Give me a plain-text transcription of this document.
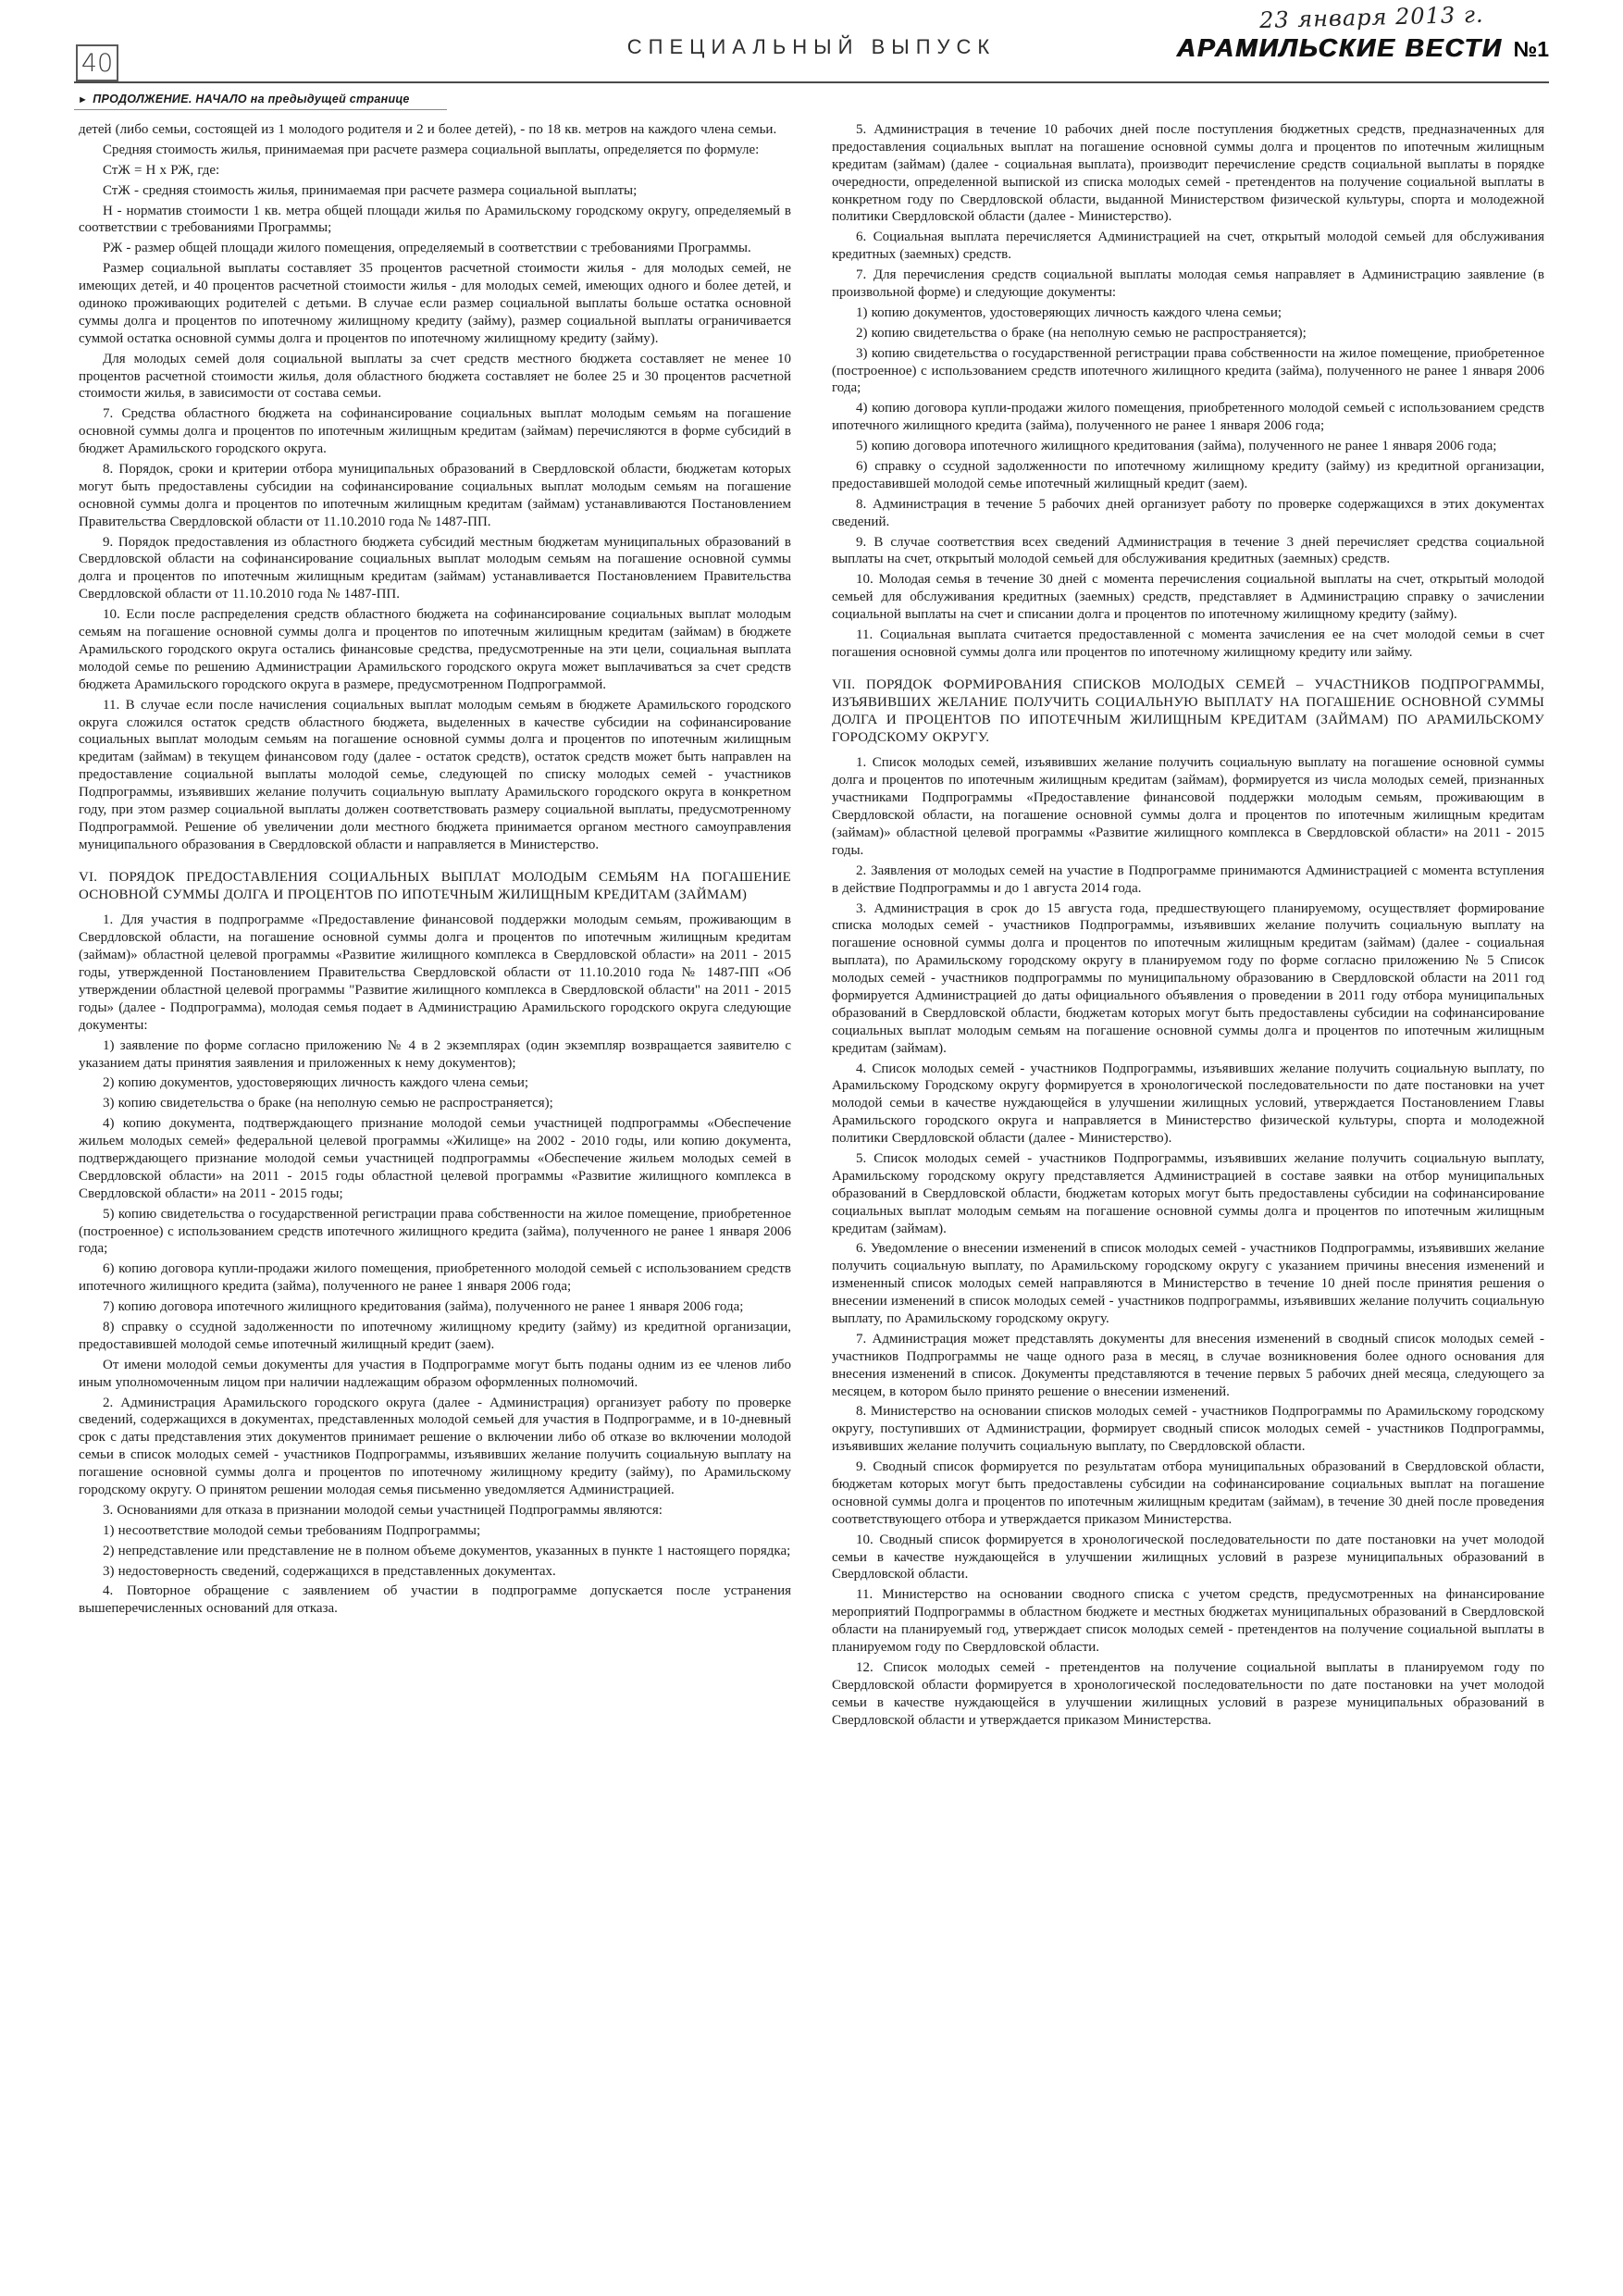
40
СПЕЦИАЛЬНЫЙ ВЫПУСК
23 января 2013 г.
АРАМИЛЬСКИЕ ВЕСТИ №1
► ПРОДОЛЖЕНИЕ. НАЧАЛО на предыдущей странице

детей (либо семьи, состоящей из 1 молодого родителя и 2 и более детей), - по 18 кв. метров на каждого члена семьи.

Средняя стоимость жилья, принимаемая при расчете размера социальной выплаты, определяется по формуле:

СтЖ = Н х РЖ, где:

СтЖ - средняя стоимость жилья, принимаемая при расчете размера социальной выплаты;

Н - норматив стоимости 1 кв. метра общей площади жилья по Арамильскому городскому округу, определяемый в соответствии с требованиями Программы;

РЖ - размер общей площади жилого помещения, определяемый в соответствии с требованиями Программы.

Размер социальной выплаты составляет 35 процентов расчетной стоимости жилья - для молодых семей, не имеющих детей, и 40 процентов расчетной стоимости жилья - для молодых семей, имеющих одного и более детей, и одиноко проживающих родителей с детьми. В случае если размер социальной выплаты больше остатка основной суммы долга и процентов по ипотечному жилищному кредиту (займу), размер социальной выплаты ограничивается суммой остатка основной суммы долга и процентов по ипотечному жилищному кредиту (займу).

Для молодых семей доля социальной выплаты за счет средств местного бюджета составляет не менее 10 процентов расчетной стоимости жилья, доля областного бюджета составляет не более 25 и 30 процентов расчетной стоимости жилья, в зависимости от состава семьи.

7. Средства областного бюджета на софинансирование социальных выплат молодым семьям на погашение основной суммы долга и процентов по ипотечным жилищным кредитам (займам) перечисляются в форме субсидий в бюджет Арамильского городского округа.

8. Порядок, сроки и критерии отбора муниципальных образований в Свердловской области, бюджетам которых могут быть предоставлены субсидии на софинансирование социальных выплат молодым семьям на погашение основной суммы долга и процентов по ипотечным жилищным кредитам (займам) устанавливаются Постановлением Правительства Свердловской области от 11.10.2010 года № 1487-ПП.

9. Порядок предоставления из областного бюджета субсидий местным бюджетам муниципальных образований в Свердловской области на софинансирование социальных выплат молодым семьям на погашение основной суммы долга и процентов по ипотечным жилищным кредитам (займам) устанавливается Постановлением Правительства Свердловской области от 11.10.2010 года № 1487-ПП.

10. Если после распределения средств областного бюджета на софинансирование социальных выплат молодым семьям на погашение основной суммы долга и процентов по ипотечным жилищным кредитам (займам) в бюджете Арамильского городского округа остались финансовые средства, предусмотренные на эти цели, социальная выплата молодой семье по решению Администрации Арамильского городского округа может выплачиваться за счет средств бюджета Арамильского городского округа в размере, предусмотренном Подпрограммой.

11. В случае если после начисления социальных выплат молодым семьям в бюджете Арамильского городского округа сложился остаток средств областного бюджета, выделенных в качестве субсидии на софинансирование социальных выплат молодым семьям на погашение основной суммы долга и процентов по ипотечным жилищным кредитам (займам) в текущем финансовом году (далее - остаток средств), остаток средств может быть направлен на предоставление социальной выплаты молодой семье, следующей по списку молодых семей - участников Подпрограммы, изъявивших желание получить социальную выплату Арамильского городского округа в конкретном году, при этом размер социальной выплаты должен соответствовать размеру социальной выплаты, предусмотренному Подпрограммой. Решение об увеличении доли местного бюджета принимается органом местного самоуправления муниципального образования в Свердловской области и направляется в Министерство.

VI. ПОРЯДОК ПРЕДОСТАВЛЕНИЯ СОЦИАЛЬНЫХ ВЫПЛАТ МОЛОДЫМ СЕМЬЯМ НА ПОГАШЕНИЕ ОСНОВНОЙ СУММЫ ДОЛГА И ПРОЦЕНТОВ ПО ИПОТЕЧНЫМ ЖИЛИЩНЫМ КРЕДИТАМ (ЗАЙМАМ)

1. Для участия в подпрограмме «Предоставление финансовой поддержки молодым семьям, проживающим в Свердловской области, на погашение основной суммы долга и процентов по ипотечным жилищным кредитам (займам)» областной целевой программы «Развитие жилищного комплекса в Свердловской области» на 2011 - 2015 годы, утвержденной Постановлением Правительства Свердловской области от 11.10.2010 года № 1487-ПП «Об утверждении областной целевой программы "Развитие жилищного комплекса в Свердловской области" на 2011 - 2015 годы» (далее - Подпрограмма), молодая семья подает в Администрацию Арамильского городского округа следующие документы:

1) заявление по форме согласно приложению № 4 в 2 экземплярах (один экземпляр возвращается заявителю с указанием даты принятия заявления и приложенных к нему документов);

2) копию документов, удостоверяющих личность каждого члена семьи;

3) копию свидетельства о браке (на неполную семью не распространяется);

4) копию документа, подтверждающего признание молодой семьи участницей подпрограммы «Обеспечение жильем молодых семей» федеральной целевой программы «Жилище» на 2002 - 2010 годы, или копию документа, подтверждающего признание молодой семьи участницей подпрограммы «Обеспечение жильем молодых семей в Свердловской области» на 2011 - 2015 годы областной целевой программы «Развитие жилищного комплекса в Свердловской области» на 2011 - 2015 годы;

5) копию свидетельства о государственной регистрации права собственности на жилое помещение, приобретенное (построенное) с использованием средств ипотечного жилищного кредита (займа), полученного не ранее 1 января 2006 года;

6) копию договора купли-продажи жилого помещения, приобретенного молодой семьей с использованием средств ипотечного жилищного кредита (займа), полученного не ранее 1 января 2006 года;

7) копию договора ипотечного жилищного кредитования (займа), полученного не ранее 1 января 2006 года;

8) справку о ссудной задолженности по ипотечному жилищному кредиту (займу) из кредитной организации, предоставившей молодой семье ипотечный жилищный кредит (заем).

От имени молодой семьи документы для участия в Подпрограмме могут быть поданы одним из ее членов либо иным уполномоченным лицом при наличии надлежащим образом оформленных полномочий.

2. Администрация Арамильского городского округа (далее - Администрация) организует работу по проверке сведений, содержащихся в документах, представленных молодой семьей для участия в Подпрограмме, и в 10-дневный срок с даты представления этих документов принимает решение о включении либо об отказе во включении молодой семьи в список молодых семей - участников Подпрограммы, изъявивших желание получить социальную выплату на погашение основной суммы долга и процентов по ипотечному жилищному кредиту (займу), по Арамильскому городскому округу. О принятом решении молодая семья письменно уведомляется Администрацией.

3. Основаниями для отказа в признании молодой семьи участницей Подпрограммы являются:

1) несоответствие молодой семьи требованиям Подпрограммы;

2) непредставление или представление не в полном объеме документов, указанных в пункте 1 настоящего порядка;

3) недостоверность сведений, содержащихся в представленных документах.

4. Повторное обращение с заявлением об участии в подпрограмме допускается после устранения вышеперечисленных оснований для отказа.

5. Администрация в течение 10 рабочих дней после поступления бюджетных средств, предназначенных для предоставления социальных выплат на погашение основной суммы долга и процентов по ипотечным жилищным кредитам (займам) (далее - социальная выплата), производит перечисление средств социальной выплаты в порядке очередности, определенной выпиской из списка молодых семей - претендентов на получение социальной выплаты в конкретном году по Свердловской области, выданной Министерством физической культуры, спорта и молодежной политики Свердловской области (далее - Министерство).

6. Социальная выплата перечисляется Администрацией на счет, открытый молодой семьей для обслуживания кредитных (заемных) средств.

7. Для перечисления средств социальной выплаты молодая семья направляет в Администрацию заявление (в произвольной форме) и следующие документы:

1) копию документов, удостоверяющих личность каждого члена семьи;

2) копию свидетельства о браке (на неполную семью не распространяется);

3) копию свидетельства о государственной регистрации права собственности на жилое помещение, приобретенное (построенное) с использованием средств ипотечного жилищного кредита (займа), полученного не ранее 1 января 2006 года;

4) копию договора купли-продажи жилого помещения, приобретенного молодой семьей с использованием средств ипотечного жилищного кредита (займа), полученного не ранее 1 января 2006 года;

5) копию договора ипотечного жилищного кредитования (займа), полученного не ранее 1 января 2006 года;

6) справку о ссудной задолженности по ипотечному жилищному кредиту (займу) из кредитной организации, предоставившей молодой семье ипотечный жилищный кредит (заем).

8. Администрация в течение 5 рабочих дней организует работу по проверке содержащихся в этих документах сведений.

9. В случае соответствия всех сведений Администрация в течение 3 дней перечисляет средства социальной выплаты на счет, открытый молодой семьей для обслуживания кредитных (заемных) средств.

10. Молодая семья в течение 30 дней с момента перечисления социальной выплаты на счет, открытый молодой семьей для обслуживания кредитных (заемных) средств, представляет в Администрацию справку о зачислении социальной выплаты на счет и списании долга и процентов по ипотечному жилищному кредиту (займу).

11. Социальная выплата считается предоставленной с момента зачисления ее на счет молодой семьи в счет погашения основной суммы долга или процентов по ипотечному жилищному кредиту или займу.

VII. ПОРЯДОК ФОРМИРОВАНИЯ СПИСКОВ МОЛОДЫХ СЕМЕЙ – УЧАСТНИКОВ ПОДПРОГРАММЫ, ИЗЪЯВИВШИХ ЖЕЛАНИЕ ПОЛУЧИТЬ СОЦИАЛЬНУЮ ВЫПЛАТУ НА ПОГАШЕНИЕ ОСНОВНОЙ СУММЫ ДОЛГА И ПРОЦЕНТОВ ПО ИПОТЕЧНЫМ ЖИЛИЩНЫМ КРЕДИТАМ (ЗАЙМАМ) ПО АРАМИЛЬСКОМУ ГОРОДСКОМУ ОКРУГУ.

1. Список молодых семей, изъявивших желание получить социальную выплату на погашение основной суммы долга и процентов по ипотечным жилищным кредитам (займам), формируется из числа молодых семей, признанных участниками Подпрограммы «Предоставление финансовой поддержки молодым семьям, проживающим в Свердловской области, на погашение основной суммы долга и процентов по ипотечным жилищным кредитам (займам)» областной целевой программы «Развитие жилищного комплекса в Свердловской области» на 2011 - 2015 годы.

2. Заявления от молодых семей на участие в Подпрограмме принимаются Администрацией с момента вступления в действие Подпрограммы и до 1 августа 2014 года.

3. Администрация в срок до 15 августа года, предшествующего планируемому, осуществляет формирование списка молодых семей - участников Подпрограммы, изъявивших желание получить социальную выплату на погашение основной суммы долга и процентов по ипотечным жилищным кредитам (займам) (далее - социальная выплата), по Арамильскому городскому округу в планируемом году по форме согласно приложению № 5 Список молодых семей - участников подпрограммы по муниципальному образованию в Свердловской области на 2011 год формируется Администрацией до даты официального объявления о проведении в 2011 году отбора муниципальных образований в Свердловской области, бюджетам которых могут быть предоставлены субсидии на софинансирование социальных выплат молодым семьям на погашение основной суммы долга и процентов по ипотечным жилищным кредитам (займам).

4. Список молодых семей - участников Подпрограммы, изъявивших желание получить социальную выплату, по Арамильскому Городскому округу формируется в хронологической последовательности по дате постановки на учет молодой семьи в качестве нуждающейся в улучшении жилищных условий, утверждается Постановлением Главы Арамильского городского округа и направляется в Министерство физической культуры, спорта и молодежной политики Свердловской области (далее - Министерство).

5. Список молодых семей - участников Подпрограммы, изъявивших желание получить социальную выплату, Арамильскому городскому округу представляется Администрацией в составе заявки на отбор муниципальных образований в Свердловской области, бюджетам которых могут быть предоставлены субсидии на софинансирование социальных выплат молодым семьям на погашение основной суммы долга и процентов по ипотечным жилищным кредитам (займам).

6. Уведомление о внесении изменений в список молодых семей - участников Подпрограммы, изъявивших желание получить социальную выплату, по Арамильскому городскому округу с указанием причины внесения изменений и измененный список молодых семей направляются в Министерство в течение 10 дней после принятия решения о внесении изменений в список молодых семей - участников подпрограммы, изъявивших желание получить социальную выплату, по Арамильскому городскому округу.

7. Администрация может представлять документы для внесения изменений в сводный список молодых семей - участников Подпрограммы не чаще одного раза в месяц, в случае возникновения более одного основания для внесения изменений в список. Документы представляются в течение первых 5 рабочих дней месяца, следующего за месяцем, в котором было принято решение о внесении изменений.

8. Министерство на основании списков молодых семей - участников Подпрограммы по Арамильскому городскому округу, поступивших от Администрации, формирует сводный список молодых семей - участников Подпрограммы, изъявивших желание получить социальную выплату, по Свердловской области.

9. Сводный список формируется по результатам отбора муниципальных образований в Свердловской области, бюджетам которых могут быть предоставлены субсидии на софинансирование социальных выплат на погашение основной суммы долга и процентов по ипотечным жилищным кредитам (займам), в течение 30 дней после проведения соответствующего отбора и утверждается приказом Министерства.

10. Сводный список формируется в хронологической последовательности по дате постановки на учет молодой семьи в качестве нуждающейся в улучшении жилищных условий в разрезе муниципальных образований в Свердловской области.

11. Министерство на основании сводного списка с учетом средств, предусмотренных на финансирование мероприятий Подпрограммы в областном бюджете и местных бюджетах муниципальных образований в Свердловской области на планируемый год, утверждает список молодых семей - претендентов на получение социальной выплаты в планируемом году по Свердловской области.

12. Список молодых семей - претендентов на получение социальной выплаты в планируемом году по Свердловской области формируется в хронологической последовательности по дате постановки на учет молодой семьи в качестве нуждающейся в улучшении жилищных условий в разрезе муниципальных образований в Свердловской области и утверждается приказом Министерства.
